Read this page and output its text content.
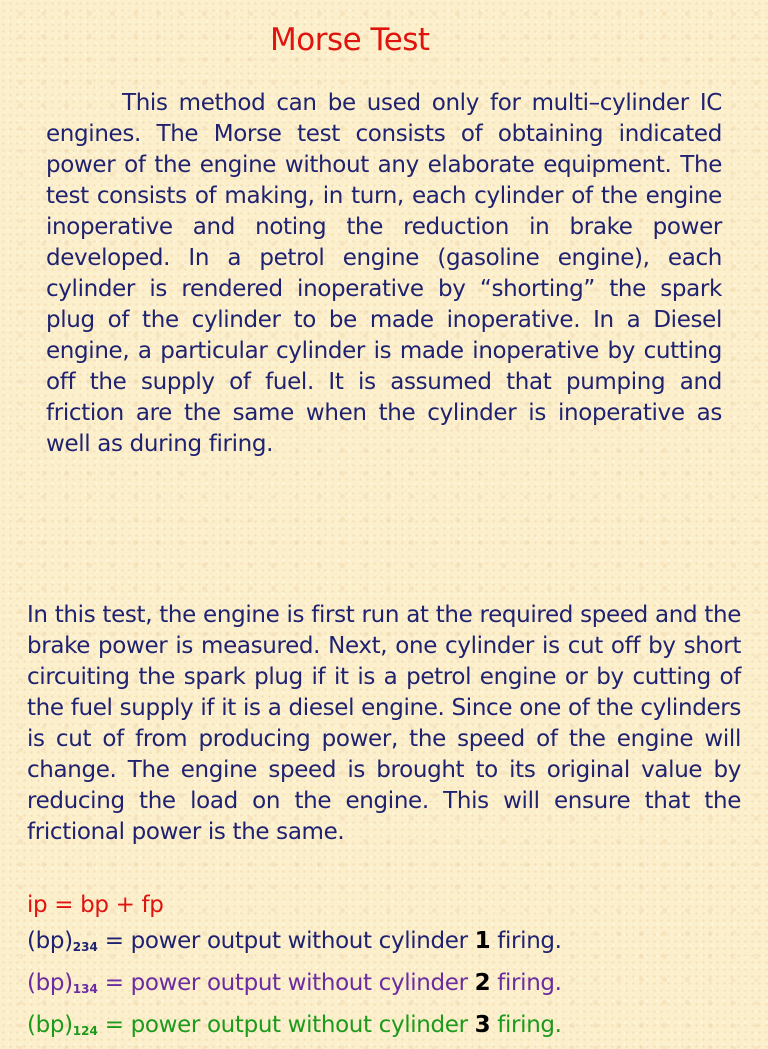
Morse Test

This method can be used only for multi–cylinder IC engines. The Morse test consists of obtaining indicated power of the engine without any elaborate equipment. The test consists of making, in turn, each cylinder of the engine inoperative and noting the reduction in brake power developed. In a petrol engine (gasoline engine), each cylinder is rendered inoperative by “shorting” the spark plug of the cylinder to be made inoperative. In a Diesel engine, a particular cylinder is made inoperative by cutting off the supply of fuel. It is assumed that pumping and friction are the same when the cylinder is inoperative as well as during firing.

In this test, the engine is first run at the required speed and the brake power is measured. Next, one cylinder is cut off by short circuiting the spark plug if it is a petrol engine or by cutting of the fuel supply if it is a diesel engine. Since one of the cylinders is cut of from producing power, the speed of the engine will change. The engine speed is brought to its original value by reducing the load on the engine. This will ensure that the frictional power is the same.

ip = bp + fp
$(bp)_{234}$ = power output without cylinder 1 firing.
$(bp)_{134}$ = power output without cylinder 2 firing.
$(bp)_{124}$ = power output without cylinder 3 firing.
